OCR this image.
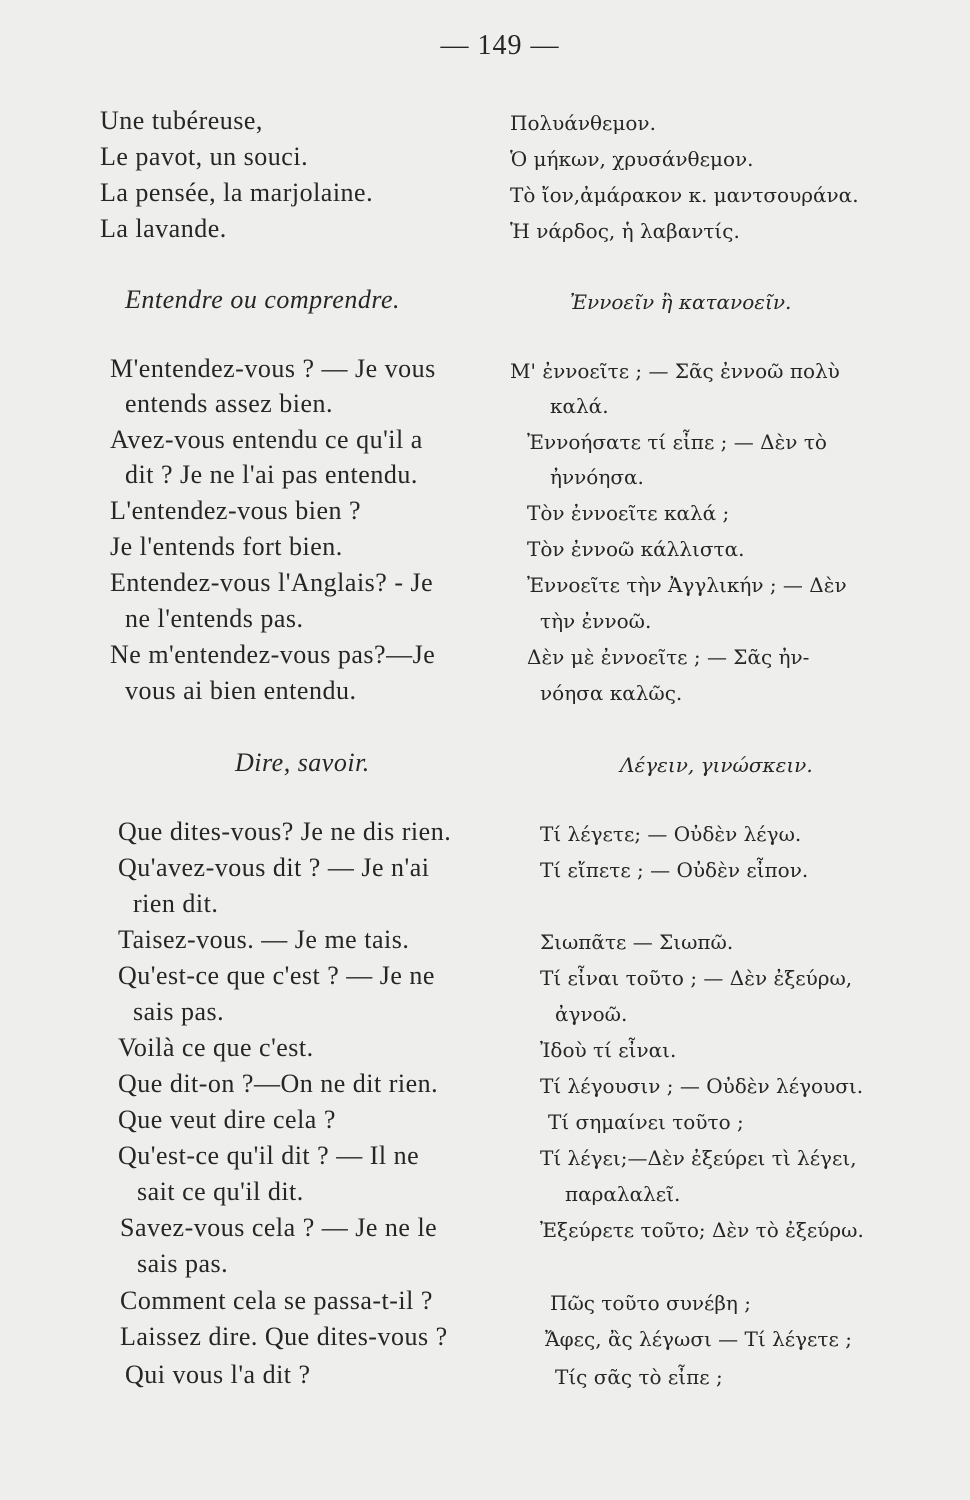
— 149 —
Une tubéreuse,	Πολυάνθεμον.
Le pavot, un souci.	Ὁ μήκων, χρυσάνθεμον.
La pensée, la marjolaine.	Τὸ ἴον,ἀμάρακον κ. μαντσουράνα.
La lavande.	Ἡ νάρδος, ἡ λαβαντίς.
Entendre ou comprendre.	Ἐννοεῖν ἢ κατανοεῖν.
M'entendez-vous ? — Je vous	Μ' ἐννοεῖτε ; — Σᾶς ἐννοῶ πολὺ
entends assez bien.	καλά.
Avez-vous entendu ce qu'il a	Ἐννοήσατε τί εἶπε ; — Δὲν τὸ
dit ? Je ne l'ai pas entendu.	ἠννόησα.
L'entendez-vous bien ?	Τὸν ἐννοεῖτε καλά ;
Je l'entends fort bien.	Τὸν ἐννοῶ κάλλιστα.
Entendez-vous l'Anglais? - Je	Ἐννοεῖτε τὴν Ἀγγλικήν ; — Δὲν
ne l'entends pas.	τὴν ἐννοῶ.
Ne m'entendez-vous pas?—Je	Δὲν μὲ ἐννοεῖτε ; — Σᾶς ἠν-
vous ai bien entendu.	νόησα καλῶς.
Dire, savoir.	Λέγειν, γινώσκειν.
Que dites-vous? Je ne dis rien.	Τί λέγετε; — Οὐδὲν λέγω.
Qu'avez-vous dit ? — Je n'ai	Τί εἴπετε ; — Οὐδὲν εἶπον.
rien dit.
Taisez-vous. — Je me tais.	Σιωπᾶτε — Σιωπῶ.
Qu'est-ce que c'est ? — Je ne	Τί εἶναι τοῦτο ; — Δὲν ἐξεύρω,
sais pas.	ἀγνοῶ.
Voilà ce que c'est.	Ἰδοὺ τί εἶναι.
Que dit-on ?—On ne dit rien.	Τί λέγουσιν ; — Οὐδὲν λέγουσι.
Que veut dire cela ?	Τί σημαίνει τοῦτο ;
Qu'est-ce qu'il dit ? — Il ne	Τί λέγει;—Δὲν ἐξεύρει τὶ λέγει,
sait ce qu'il dit.	παραλαλεῖ.
Savez-vous cela ? — Je ne le	Ἐξεύρετε τοῦτο; Δὲν τὸ ἐξεύρω.
sais pas.
Comment cela se passa-t-il ?	Πῶς τοῦτο συνέβη ;
Laissez dire. Que dites-vous ?	Ἄφες, ἂς λέγωσι — Τί λέγετε ;
Qui vous l'a dit ?	Τίς σᾶς τὸ εἶπε ;
